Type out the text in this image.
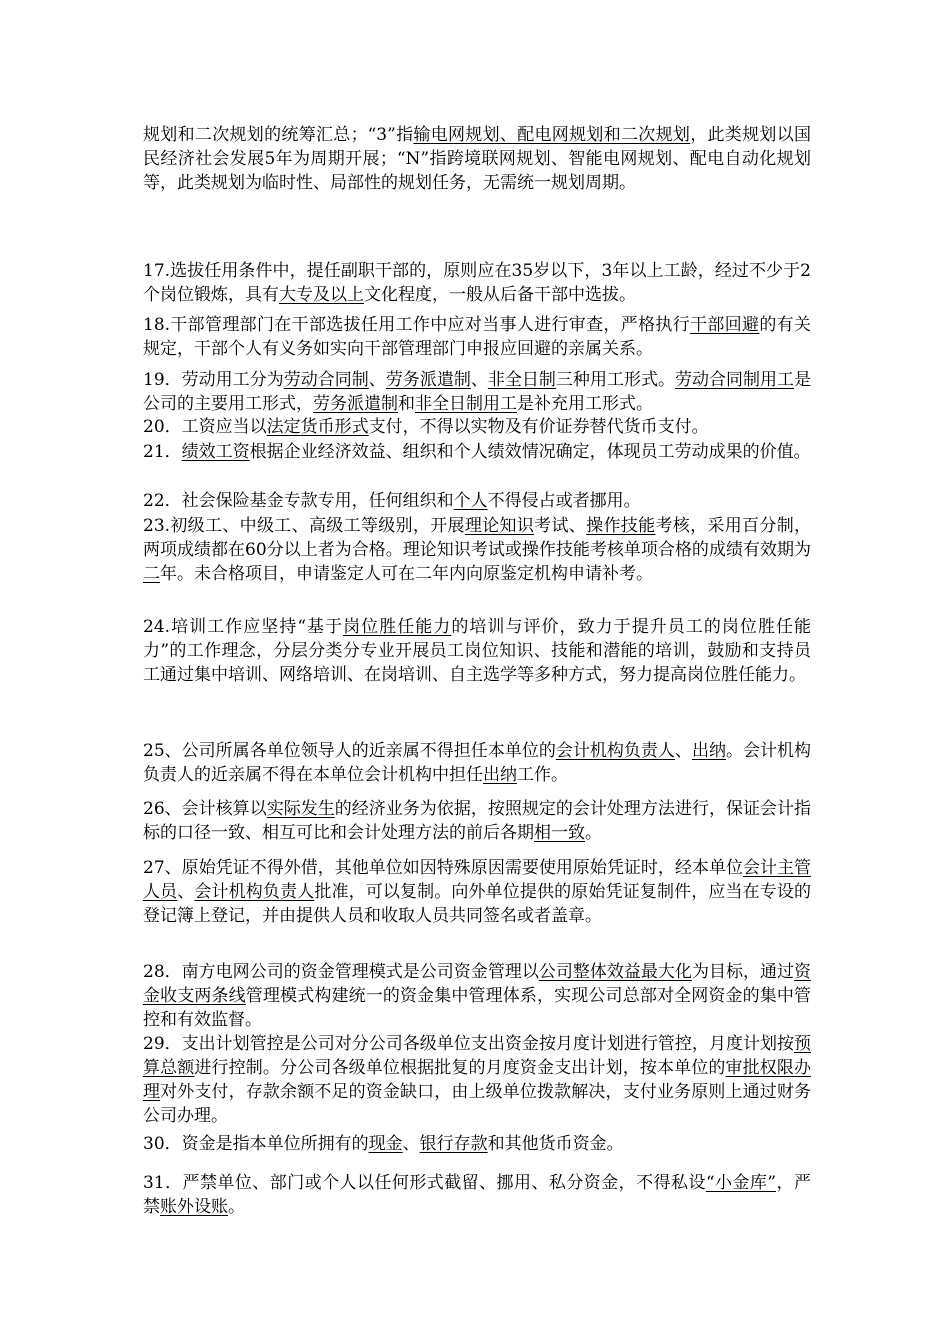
规划和二次规划的统筹汇总；“3”指输电网规划、配电网规划和二次规划，此类规划以国民经济社会发展5年为周期开展；“N”指跨境联网规划、智能电网规划、配电自动化规划等，此类规划为临时性、局部性的规划任务，无需统一规划周期。
17.选拔任用条件中，提任副职干部的，原则应在35岁以下，3年以上工龄，经过不少于2个岗位锻炼，具有大专及以上文化程度，一般从后备干部中选拔。
18.干部管理部门在干部选拔任用工作中应对当事人进行审查，严格执行干部回避的有关规定，干部个人有义务如实向干部管理部门申报应回避的亲属关系。
19．劳动用工分为劳动合同制、劳务派遣制、非全日制三种用工形式。劳动合同制用工是公司的主要用工形式，劳务派遣制和非全日制用工是补充用工形式。
20．工资应当以法定货币形式支付，不得以实物及有价证券替代货币支付。
21．绩效工资根据企业经济效益、组织和个人绩效情况确定，体现员工劳动成果的价值。
22．社会保险基金专款专用，任何组织和个人不得侵占或者挪用。
23.初级工、中级工、高级工等级别，开展理论知识考试、操作技能考核，采用百分制，两项成绩都在60分以上者为合格。理论知识考试或操作技能考核单项合格的成绩有效期为二年。未合格项目，申请鉴定人可在二年内向原鉴定机构申请补考。
24.培训工作应坚持“基于岗位胜任能力的培训与评价，致力于提升员工的岗位胜任能力”的工作理念，分层分类分专业开展员工岗位知识、技能和潜能的培训，鼓励和支持员工通过集中培训、网络培训、在岗培训、自主选学等多种方式，努力提高岗位胜任能力。
25、公司所属各单位领导人的近亲属不得担任本单位的会计机构负责人、出纳。会计机构负责人的近亲属不得在本单位会计机构中担任出纳工作。
26、会计核算以实际发生的经济业务为依据，按照规定的会计处理方法进行，保证会计指标的口径一致、相互可比和会计处理方法的前后各期相一致。
27、原始凭证不得外借，其他单位如因特殊原因需要使用原始凭证时，经本单位会计主管人员、会计机构负责人批准，可以复制。向外单位提供的原始凭证复制件，应当在专设的登记簿上登记，并由提供人员和收取人员共同签名或者盖章。
28．南方电网公司的资金管理模式是公司资金管理以公司整体效益最大化为目标，通过资金收支两条线管理模式构建统一的资金集中管理体系，实现公司总部对全网资金的集中管控和有效监督。
29．支出计划管控是公司对分公司各级单位支出资金按月度计划进行管控，月度计划按预算总额进行控制。分公司各级单位根据批复的月度资金支出计划，按本单位的审批权限办理对外支付，存款余额不足的资金缺口，由上级单位拨款解决，支付业务原则上通过财务公司办理。
30．资金是指本单位所拥有的现金、银行存款和其他货币资金。
31．严禁单位、部门或个人以任何形式截留、挪用、私分资金，不得私设“小金库”，严禁账外设账。
